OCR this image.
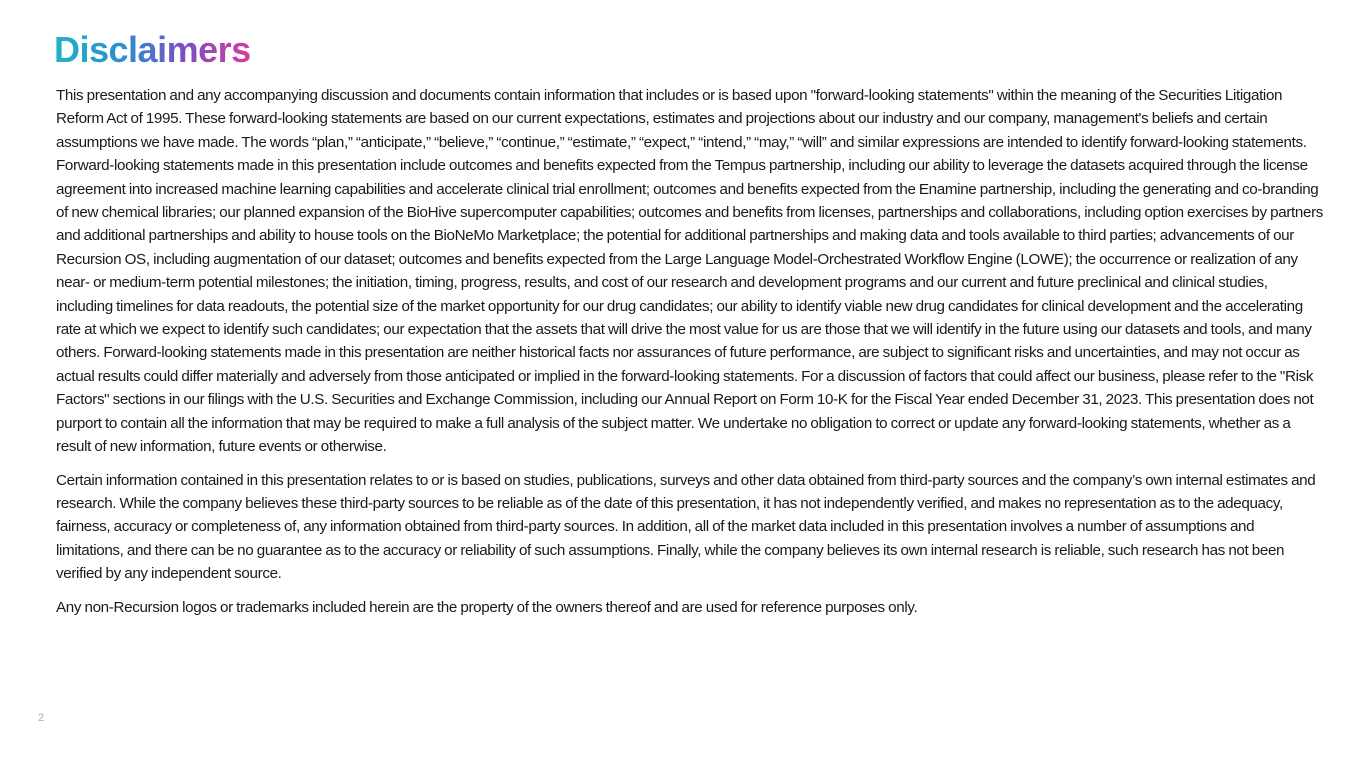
Disclaimers

This presentation and any accompanying discussion and documents contain information that includes or is based upon "forward-looking statements" within the meaning of the Securities Litigation Reform Act of 1995. These forward-looking statements are based on our current expectations, estimates and projections about our industry and our company, management's beliefs and certain assumptions we have made. The words “plan,” “anticipate,” “believe,” “continue,” “estimate,” “expect,” “intend,” “may,” “will” and similar expressions are intended to identify forward-looking statements. Forward-looking statements made in this presentation include outcomes and benefits expected from the Tempus partnership, including our ability to leverage the datasets acquired through the license agreement into increased machine learning capabilities and accelerate clinical trial enrollment; outcomes and benefits expected from the Enamine partnership, including the generating and co-branding of new chemical libraries; our planned expansion of the BioHive supercomputer capabilities; outcomes and benefits from licenses, partnerships and collaborations, including option exercises by partners and additional partnerships and ability to house tools on the BioNeMo Marketplace; the potential for additional partnerships and making data and tools available to third parties; advancements of our Recursion OS, including augmentation of our dataset; outcomes and benefits expected from the Large Language Model-Orchestrated Workflow Engine (LOWE); the occurrence or realization of any near- or medium-term potential milestones; the initiation, timing, progress, results, and cost of our research and development programs and our current and future preclinical and clinical studies, including timelines for data readouts, the potential size of the market opportunity for our drug candidates; our ability to identify viable new drug candidates for clinical development and the accelerating rate at which we expect to identify such candidates; our expectation that the assets that will drive the most value for us are those that we will identify in the future using our datasets and tools, and many others. Forward-looking statements made in this presentation are neither historical facts nor assurances of future performance, are subject to significant risks and uncertainties, and may not occur as actual results could differ materially and adversely from those anticipated or implied in the forward-looking statements. For a discussion of factors that could affect our business, please refer to the "Risk Factors" sections in our filings with the U.S. Securities and Exchange Commission, including our Annual Report on Form 10-K for the Fiscal Year ended December 31, 2023. This presentation does not purport to contain all the information that may be required to make a full analysis of the subject matter. We undertake no obligation to correct or update any forward-looking statements, whether as a result of new information, future events or otherwise.

Certain information contained in this presentation relates to or is based on studies, publications, surveys and other data obtained from third-party sources and the company’s own internal estimates and research. While the company believes these third-party sources to be reliable as of the date of this presentation, it has not independently verified, and makes no representation as to the adequacy, fairness, accuracy or completeness of, any information obtained from third-party sources. In addition, all of the market data included in this presentation involves a number of assumptions and limitations, and there can be no guarantee as to the accuracy or reliability of such assumptions. Finally, while the company believes its own internal research is reliable, such research has not been verified by any independent source.

Any non-Recursion logos or trademarks included herein are the property of the owners thereof and are used for reference purposes only.

2
